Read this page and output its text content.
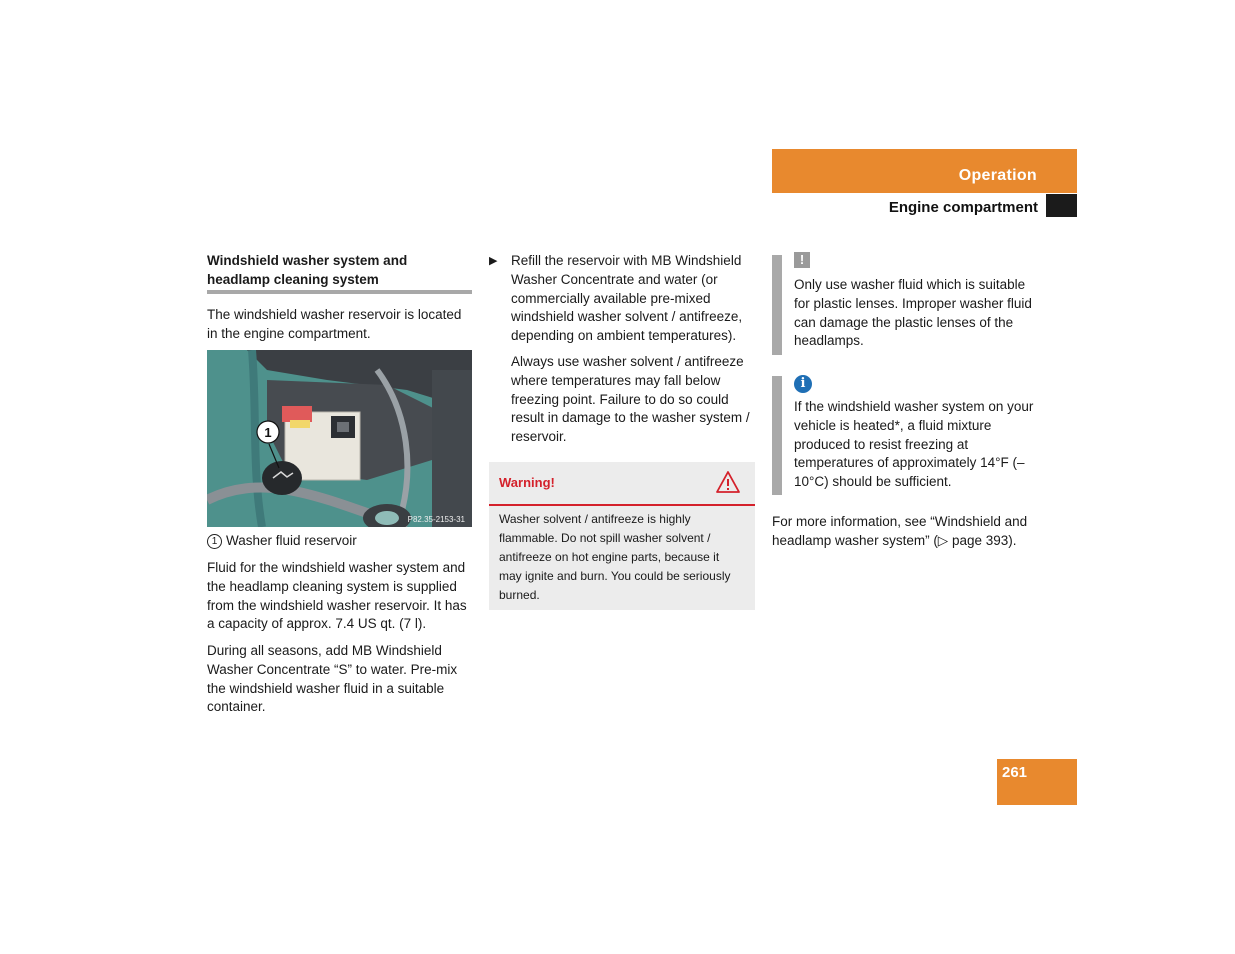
Operation
Engine compartment
Windshield washer system and headlamp cleaning system
The windshield washer reservoir is located in the engine compartment.
1
P82.35-2153-31
1 Washer fluid reservoir
Fluid for the windshield washer system and the headlamp cleaning system is supplied from the windshield washer reservoir. It has a capacity of approx. 7.4 US qt. (7 l).
During all seasons, add MB Windshield Washer Concentrate “S” to water. Pre-mix the windshield washer fluid in a suitable container.
▶ Refill the reservoir with MB Windshield Washer Concentrate and water (or commercially available pre-mixed windshield washer solvent / antifreeze, depending on ambient temperatures).
Always use washer solvent / antifreeze where temperatures may fall below freezing point. Failure to do so could result in damage to the washer system / reservoir.
Warning!
Washer solvent / antifreeze is highly flammable. Do not spill washer solvent / antifreeze on hot engine parts, because it may ignite and burn. You could be seriously burned.
!
Only use washer fluid which is suitable for plastic lenses. Improper washer fluid can damage the plastic lenses of the headlamps.
i
If the windshield washer system on your vehicle is heated*, a fluid mixture produced to resist freezing at temperatures of approximately 14°F (–10°C) should be sufficient.
For more information, see “Windshield and headlamp washer system” (▷ page 393).
261
